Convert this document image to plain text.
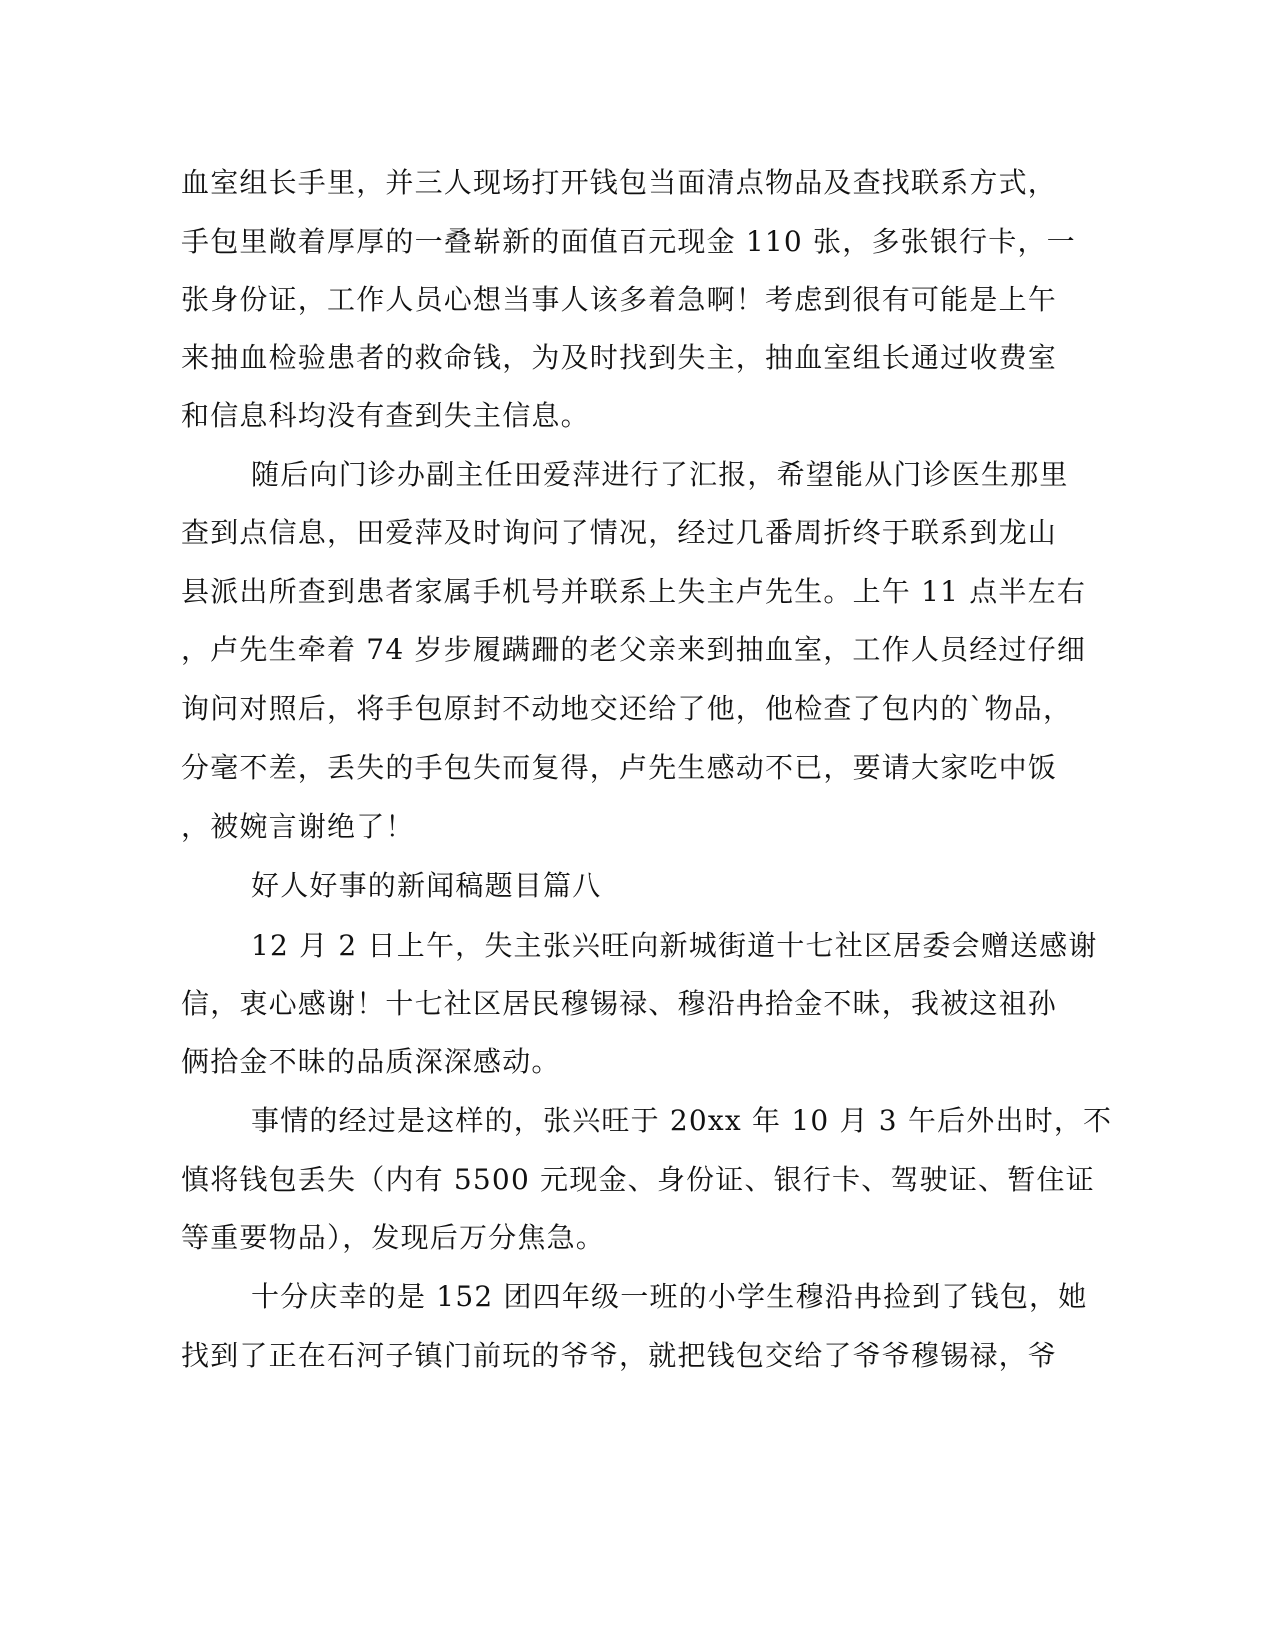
血室组长手里，并三人现场打开钱包当面清点物品及查找联系方式，
手包里敞着厚厚的一叠崭新的面值百元现金 110 张，多张银行卡，一
张身份证，工作人员心想当事人该多着急啊！考虑到很有可能是上午
来抽血检验患者的救命钱，为及时找到失主，抽血室组长通过收费室
和信息科均没有查到失主信息。
随后向门诊办副主任田爱萍进行了汇报，希望能从门诊医生那里
查到点信息，田爱萍及时询问了情况，经过几番周折终于联系到龙山
县派出所查到患者家属手机号并联系上失主卢先生。上午 11 点半左右
，卢先生牵着 74 岁步履蹒跚的老父亲来到抽血室，工作人员经过仔细
询问对照后，将手包原封不动地交还给了他，他检查了包内的`物品，
分毫不差，丢失的手包失而复得，卢先生感动不已，要请大家吃中饭
，被婉言谢绝了！
好人好事的新闻稿题目篇八
12 月 2 日上午，失主张兴旺向新城街道十七社区居委会赠送感谢
信，衷心感谢！十七社区居民穆锡禄、穆沿冉拾金不昧，我被这祖孙
俩拾金不昧的品质深深感动。
事情的经过是这样的，张兴旺于 20xx 年 10 月 3 午后外出时，不
慎将钱包丢失（内有 5500 元现金、身份证、银行卡、驾驶证、暂住证
等重要物品），发现后万分焦急。
十分庆幸的是 152 团四年级一班的小学生穆沿冉捡到了钱包，她
找到了正在石河子镇门前玩的爷爷，就把钱包交给了爷爷穆锡禄，爷
